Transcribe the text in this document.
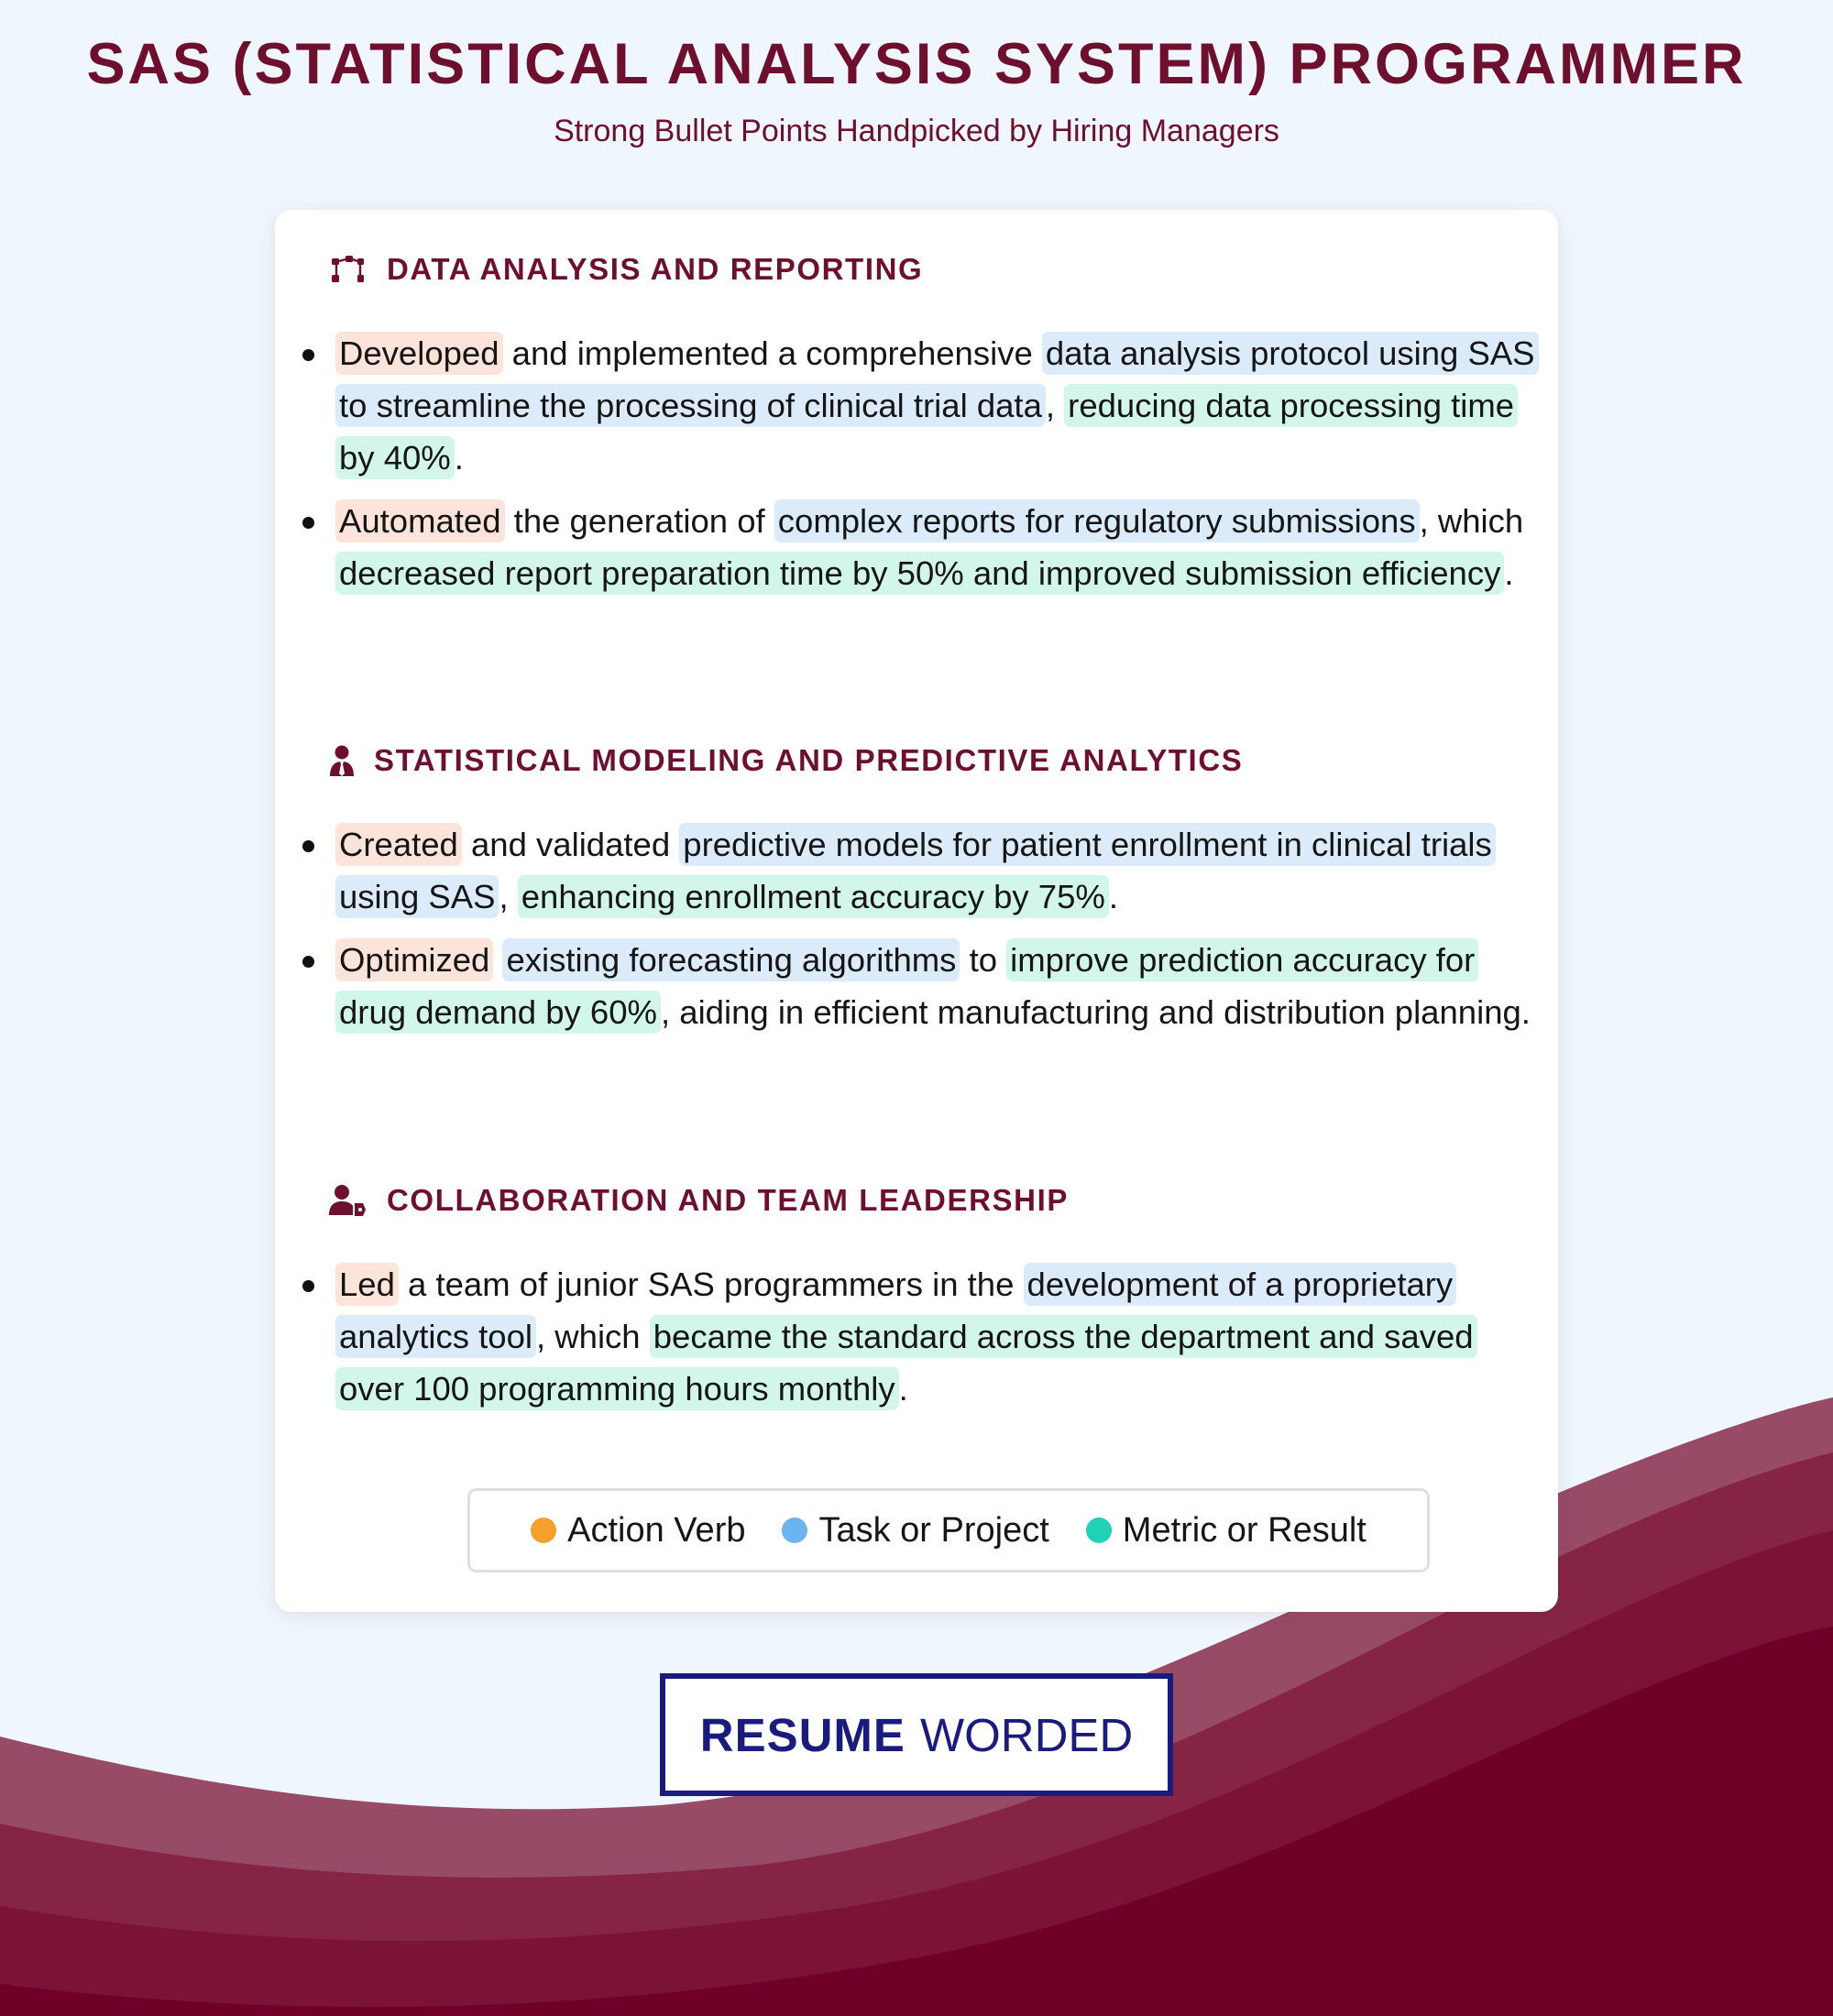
SAS (STATISTICAL ANALYSIS SYSTEM) PROGRAMMER
Strong Bullet Points Handpicked by Hiring Managers
DATA ANALYSIS AND REPORTING
Developed and implemented a comprehensive data analysis protocol using SAS to streamline the processing of clinical trial data , reducing data processing time by 40% .
Automated the generation of complex reports for regulatory submissions , which decreased report preparation time by 50% and improved submission efficiency .
STATISTICAL MODELING AND PREDICTIVE ANALYTICS
Created and validated predictive models for patient enrollment in clinical trials using SAS , enhancing enrollment accuracy by 75% .
Optimized existing forecasting algorithms to improve prediction accuracy for drug demand by 60% , aiding in efficient manufacturing and distribution planning.
COLLABORATION AND TEAM LEADERSHIP
Led a team of junior SAS programmers in the development of a proprietary analytics tool , which became the standard across the department and saved over 100 programming hours monthly .
Action Verb Task or Project Metric or Result
RESUME WORDED
